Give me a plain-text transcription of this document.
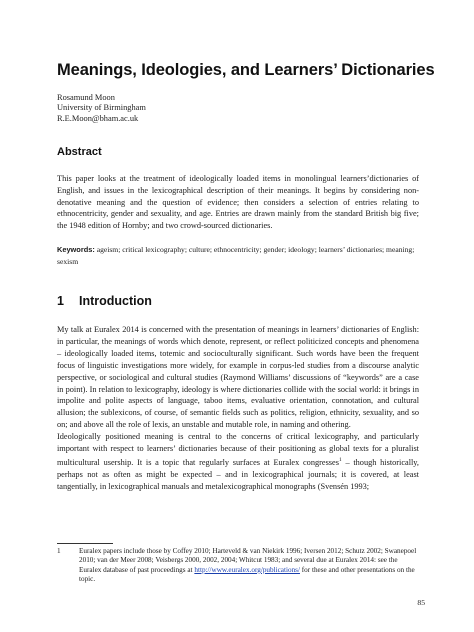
Meanings, Ideologies, and Learners’ Dictionaries
Rosamund Moon
University of Birmingham
R.E.Moon@bham.ac.uk
Abstract

This paper looks at the treatment of ideologically loaded items in monolingual learners’dictionaries of English, and issues in the lexicographical description of their meanings. It begins by considering non-denotative meaning and the question of evidence; then considers a selection of entries relating to ethnocentricity, gender and sexuality, and age. Entries are drawn mainly from the standard British big five; the 1948 edition of Hornby; and two crowd-sourced dictionaries.

Keywords: ageism; critical lexicography; culture; ethnocentricity; gender; ideology; learners’ dictionaries; meaning; sexism
1 Introduction

My talk at Euralex 2014 is concerned with the presentation of meanings in learners’ dictionaries of English: in particular, the meanings of words which denote, represent, or reflect politicized concepts and phenomena – ideologically loaded items, totemic and socioculturally significant. Such words have been the frequent focus of linguistic investigations more widely, for example in corpus-led studies from a discourse analytic perspective, or sociological and cultural studies (Raymond Williams’ discussions of “keywords” are a case in point). In relation to lexicography, ideology is where dictionaries collide with the social world: it brings in impolite and polite aspects of language, taboo items, evaluative orientation, connotation, and cultural allusion; the sublexicons, of course, of semantic fields such as politics, religion, ethnicity, sexuality, and so on; and above all the role of lexis, an unstable and mutable role, in naming and othering.

Ideologically positioned meaning is central to the concerns of critical lexicography, and particularly important with respect to learners’ dictionaries because of their positioning as global texts for a pluralist multicultural usership. It is a topic that regularly surfaces at Euralex congresses$^1$ – though historically, perhaps not as often as might be expected – and in lexicographical journals; it is covered, at least tangentially, in lexicographical manuals and metalexicographical monographs (Svensén 1993;

1	Euralex papers include those by Coffey 2010; Harteveld & van Niekirk 1996; Iversen 2012; Schutz 2002; Swanepoel 2010; van der Meer 2008; Veisbergs 2000, 2002, 2004; Whitcut 1983; and several due at Euralex 2014: see the Euralex database of past proceedings at http://www.euralex.org/publications/ for these and other presentations on the topic.
85
